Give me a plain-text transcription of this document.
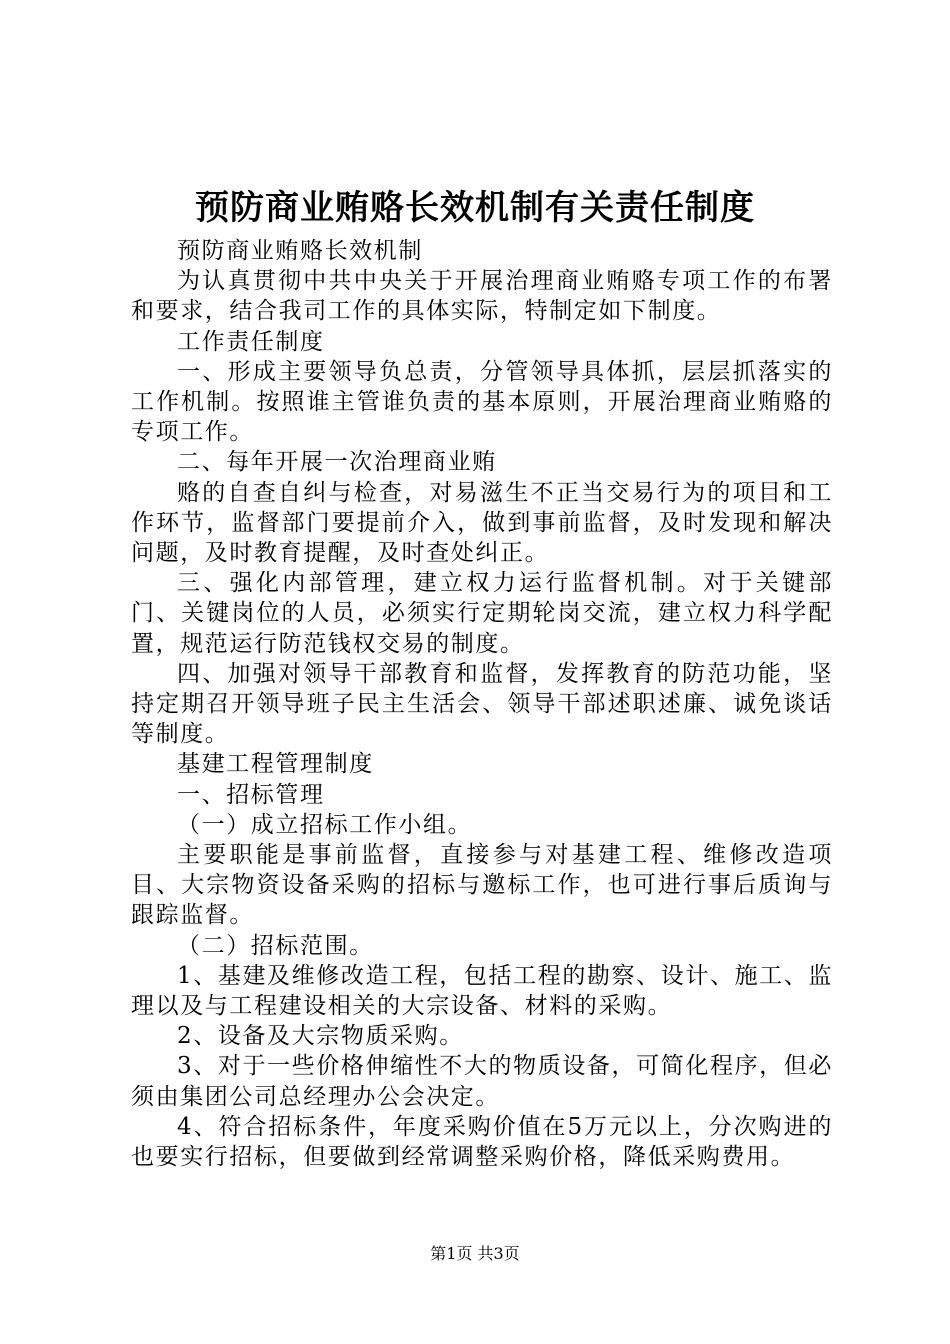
预防商业贿赂长效机制有关责任制度

预防商业贿赂长效机制

为认真贯彻中共中央关于开展治理商业贿赂专项工作的布署和要求，结合我司工作的具体实际，特制定如下制度。

工作责任制度

一、形成主要领导负总责，分管领导具体抓，层层抓落实的工作机制。按照谁主管谁负责的基本原则，开展治理商业贿赂的专项工作。

二、每年开展一次治理商业贿

赂的自查自纠与检查，对易滋生不正当交易行为的项目和工作环节，监督部门要提前介入，做到事前监督，及时发现和解决问题，及时教育提醒，及时查处纠正。

三、强化内部管理，建立权力运行监督机制。对于关键部门、关键岗位的人员，必须实行定期轮岗交流，建立权力科学配置，规范运行防范钱权交易的制度。

四、加强对领导干部教育和监督，发挥教育的防范功能，坚持定期召开领导班子民主生活会、领导干部述职述廉、诚免谈话等制度。

基建工程管理制度

一、招标管理

（一）成立招标工作小组。

主要职能是事前监督，直接参与对基建工程、维修改造项目、大宗物资设备采购的招标与邀标工作，也可进行事后质询与跟踪监督。

（二）招标范围。

1、基建及维修改造工程，包括工程的勘察、设计、施工、监理以及与工程建设相关的大宗设备、材料的采购。

2、设备及大宗物质采购。

3、对于一些价格伸缩性不大的物质设备，可简化程序，但必须由集团公司总经理办公会决定。

4、符合招标条件，年度采购价值在5万元以上，分次购进的也要实行招标，但要做到经常调整采购价格，降低采购费用。

第1页 共3页
